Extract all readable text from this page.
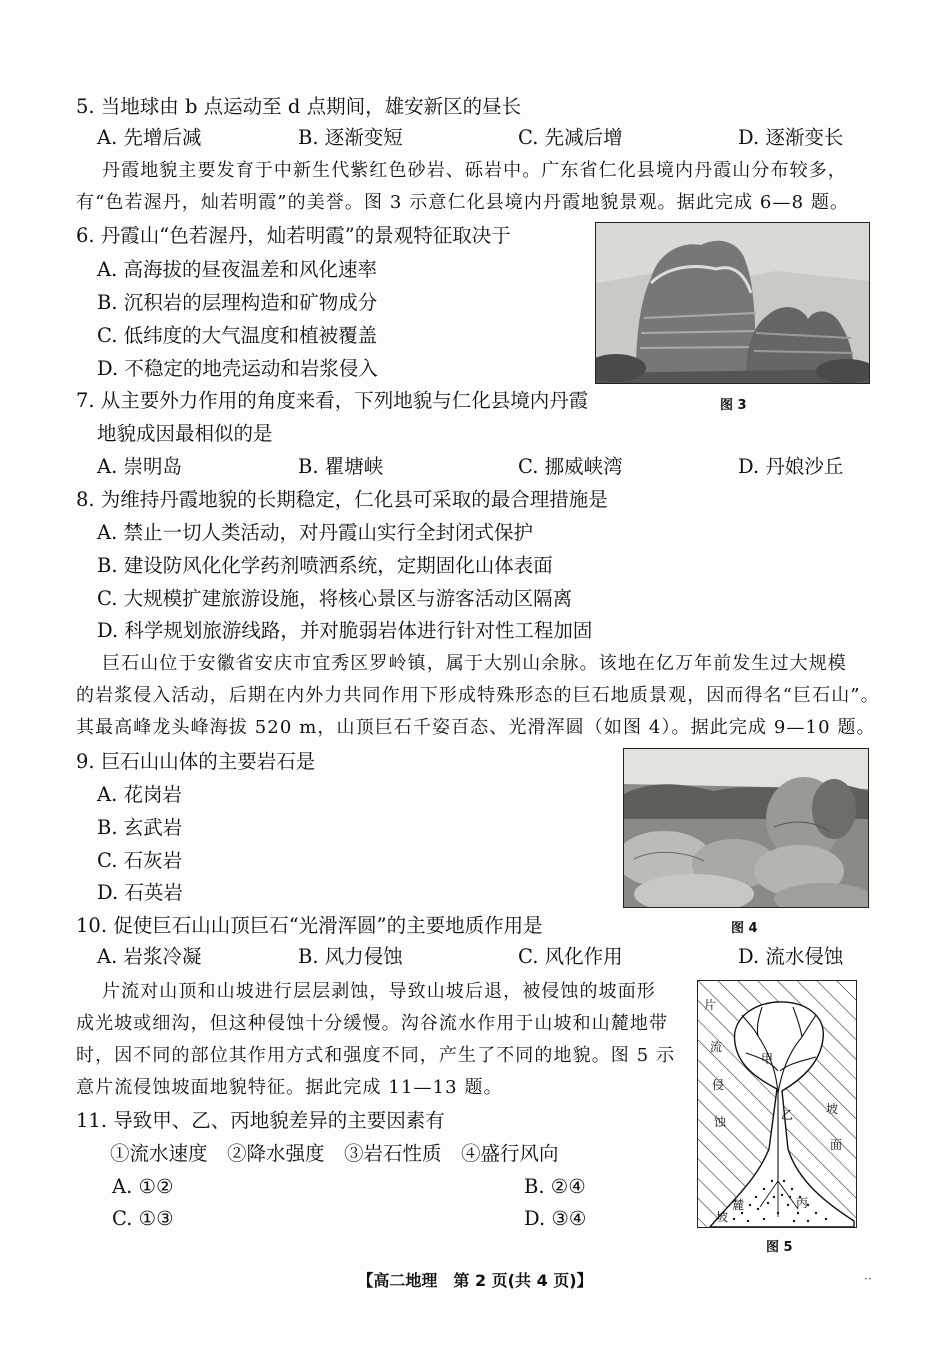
5. 当地球由 b 点运动至 d 点期间，雄安新区的昼长
A. 先增后减	B. 逐渐变短	C. 先减后增	D. 逐渐变长
丹霞地貌主要发育于中新生代紫红色砂岩、砾岩中。广东省仁化县境内丹霞山分布较多，
有“色若渥丹，灿若明霞”的美誉。图 3 示意仁化县境内丹霞地貌景观。据此完成 6—8 题。
6. 丹霞山“色若渥丹，灿若明霞”的景观特征取决于
A. 高海拔的昼夜温差和风化速率
B. 沉积岩的层理构造和矿物成分
C. 低纬度的大气温度和植被覆盖
D. 不稳定的地壳运动和岩浆侵入
图 3
7. 从主要外力作用的角度来看，下列地貌与仁化县境内丹霞
地貌成因最相似的是
A. 崇明岛	B. 瞿塘峡	C. 挪威峡湾	D. 丹娘沙丘
8. 为维持丹霞地貌的长期稳定，仁化县可采取的最合理措施是
A. 禁止一切人类活动，对丹霞山实行全封闭式保护
B. 建设防风化化学药剂喷洒系统，定期固化山体表面
C. 大规模扩建旅游设施，将核心景区与游客活动区隔离
D. 科学规划旅游线路，并对脆弱岩体进行针对性工程加固
巨石山位于安徽省安庆市宜秀区罗岭镇，属于大别山余脉。该地在亿万年前发生过大规模
的岩浆侵入活动，后期在内外力共同作用下形成特殊形态的巨石地质景观，因而得名“巨石山”。
其最高峰龙头峰海拔 520 m，山顶巨石千姿百态、光滑浑圆（如图 4）。据此完成 9—10 题。
9. 巨石山山体的主要岩石是
A. 花岗岩
B. 玄武岩
C. 石灰岩
D. 石英岩
图 4
10. 促使巨石山山顶巨石“光滑浑圆”的主要地质作用是
A. 岩浆冷凝	B. 风力侵蚀	C. 风化作用	D. 流水侵蚀
片流对山顶和山坡进行层层剥蚀，导致山坡后退，被侵蚀的坡面形
成光坡或细沟，但这种侵蚀十分缓慢。沟谷流水作用于山坡和山麓地带
时，因不同的部位其作用方式和强度不同，产生了不同的地貌。图 5 示
意片流侵蚀坡面地貌特征。据此完成 11—13 题。
11. 导致甲、乙、丙地貌差异的主要因素有
①流水速度　②降水强度　③岩石性质　④盛行风向
A. ①②	B. ②④
C. ①③	D. ③④
甲
乙
丙
片
流
侵
蚀
坡
面
坡
麓
图 5
【高二地理　第 2 页(共 4 页)】	··
